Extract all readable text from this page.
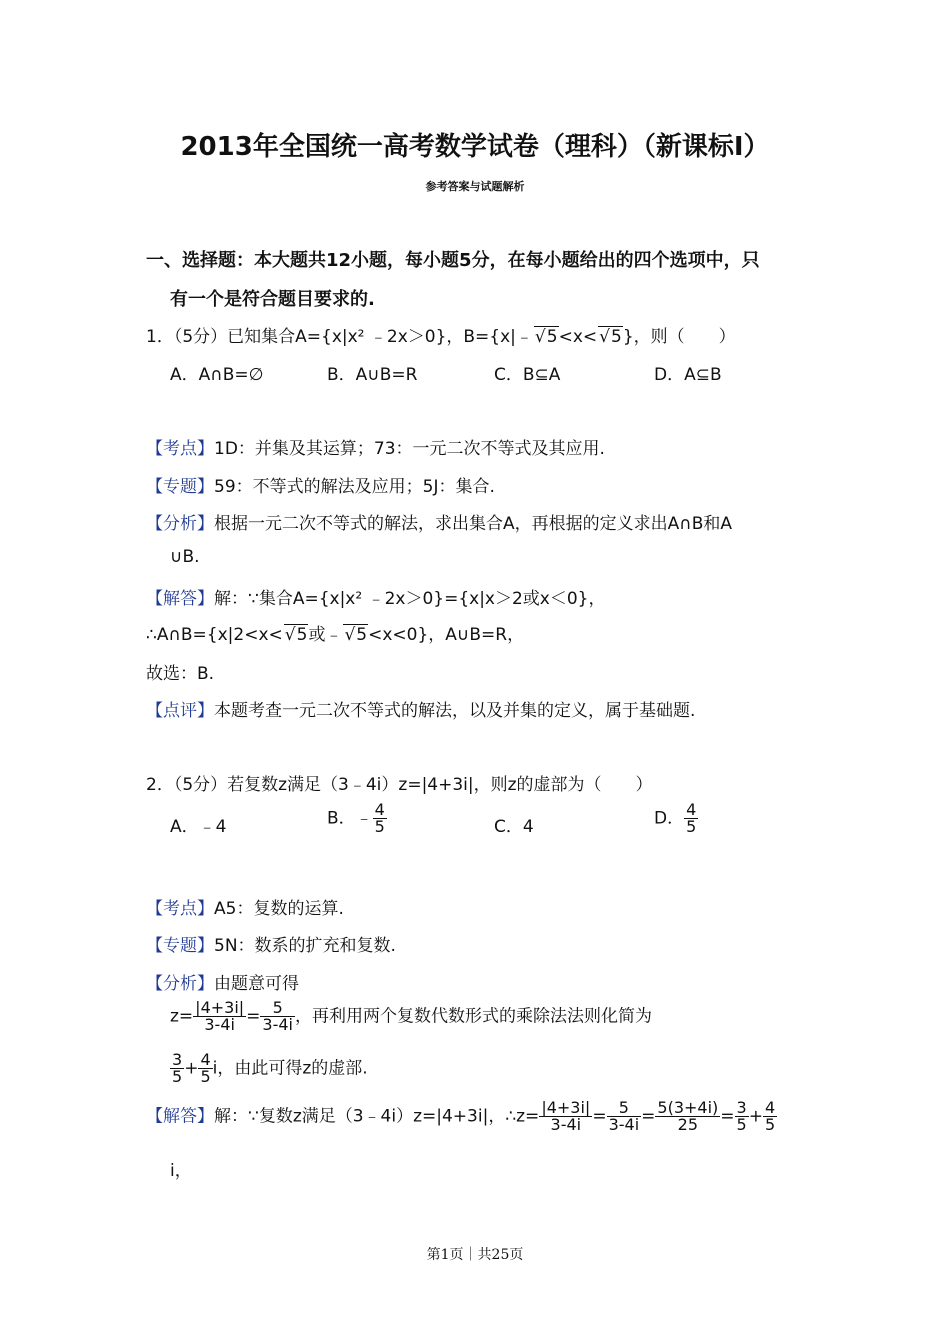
2013年全国统一高考数学试卷（理科）（新课标Ⅰ）
参考答案与试题解析
一、选择题：本大题共12小题，每小题5分，在每小题给出的四个选项中，只
有一个是符合题目要求的.
1．（5分）已知集合A={x|x² ﹣2x＞0}，B={x|﹣ √ 5<x< √ 5}，则（　　）
A．A∩B=∅	B．A∪B=R	C．B⊆A	D．A⊆B
【考点】1D：并集及其运算；73：一元二次不等式及其应用.
【专题】59：不等式的解法及应用；5J：集合.
【分析】根据一元二次不等式的解法，求出集合A，再根据的定义求出A∩B和A
∪B.
【解答】解：∵集合A={x|x² ﹣2x＞0}={x|x＞2或x＜0}，
∴A∩B={x|2<x< √ 5或﹣ √ 5<x<0}，A∪B=R，
故选：B.
【点评】本题考查一元二次不等式的解法，以及并集的定义，属于基础题.
2．（5分）若复数z满足（3﹣4i）z=|4+3i|，则z的虚部为（　　）
A．﹣4	B．﹣ $\frac{4}{5}$	C．4	D． $\frac{4}{5}$
【考点】A5：复数的运算.
【专题】5N：数系的扩充和复数.
【分析】由题意可得
$z= \frac{|4+3i|}{3-4i} = \frac{5}{3-4i}$ ，再利用两个复数代数形式的乘除法法则化简为
$\frac{3}{5} + \frac{4}{5}$ i，由此可得z的虚部.
【解答】解：∵复数z满足（3﹣4i）z=|4+3i|，∴z= $\frac{|4+3i|}{3-4i} = \frac{5}{3-4i} = \frac{5(3+4i)}{25} = \frac{3}{5} + \frac{4}{5}$
i，
第1页｜共25页
